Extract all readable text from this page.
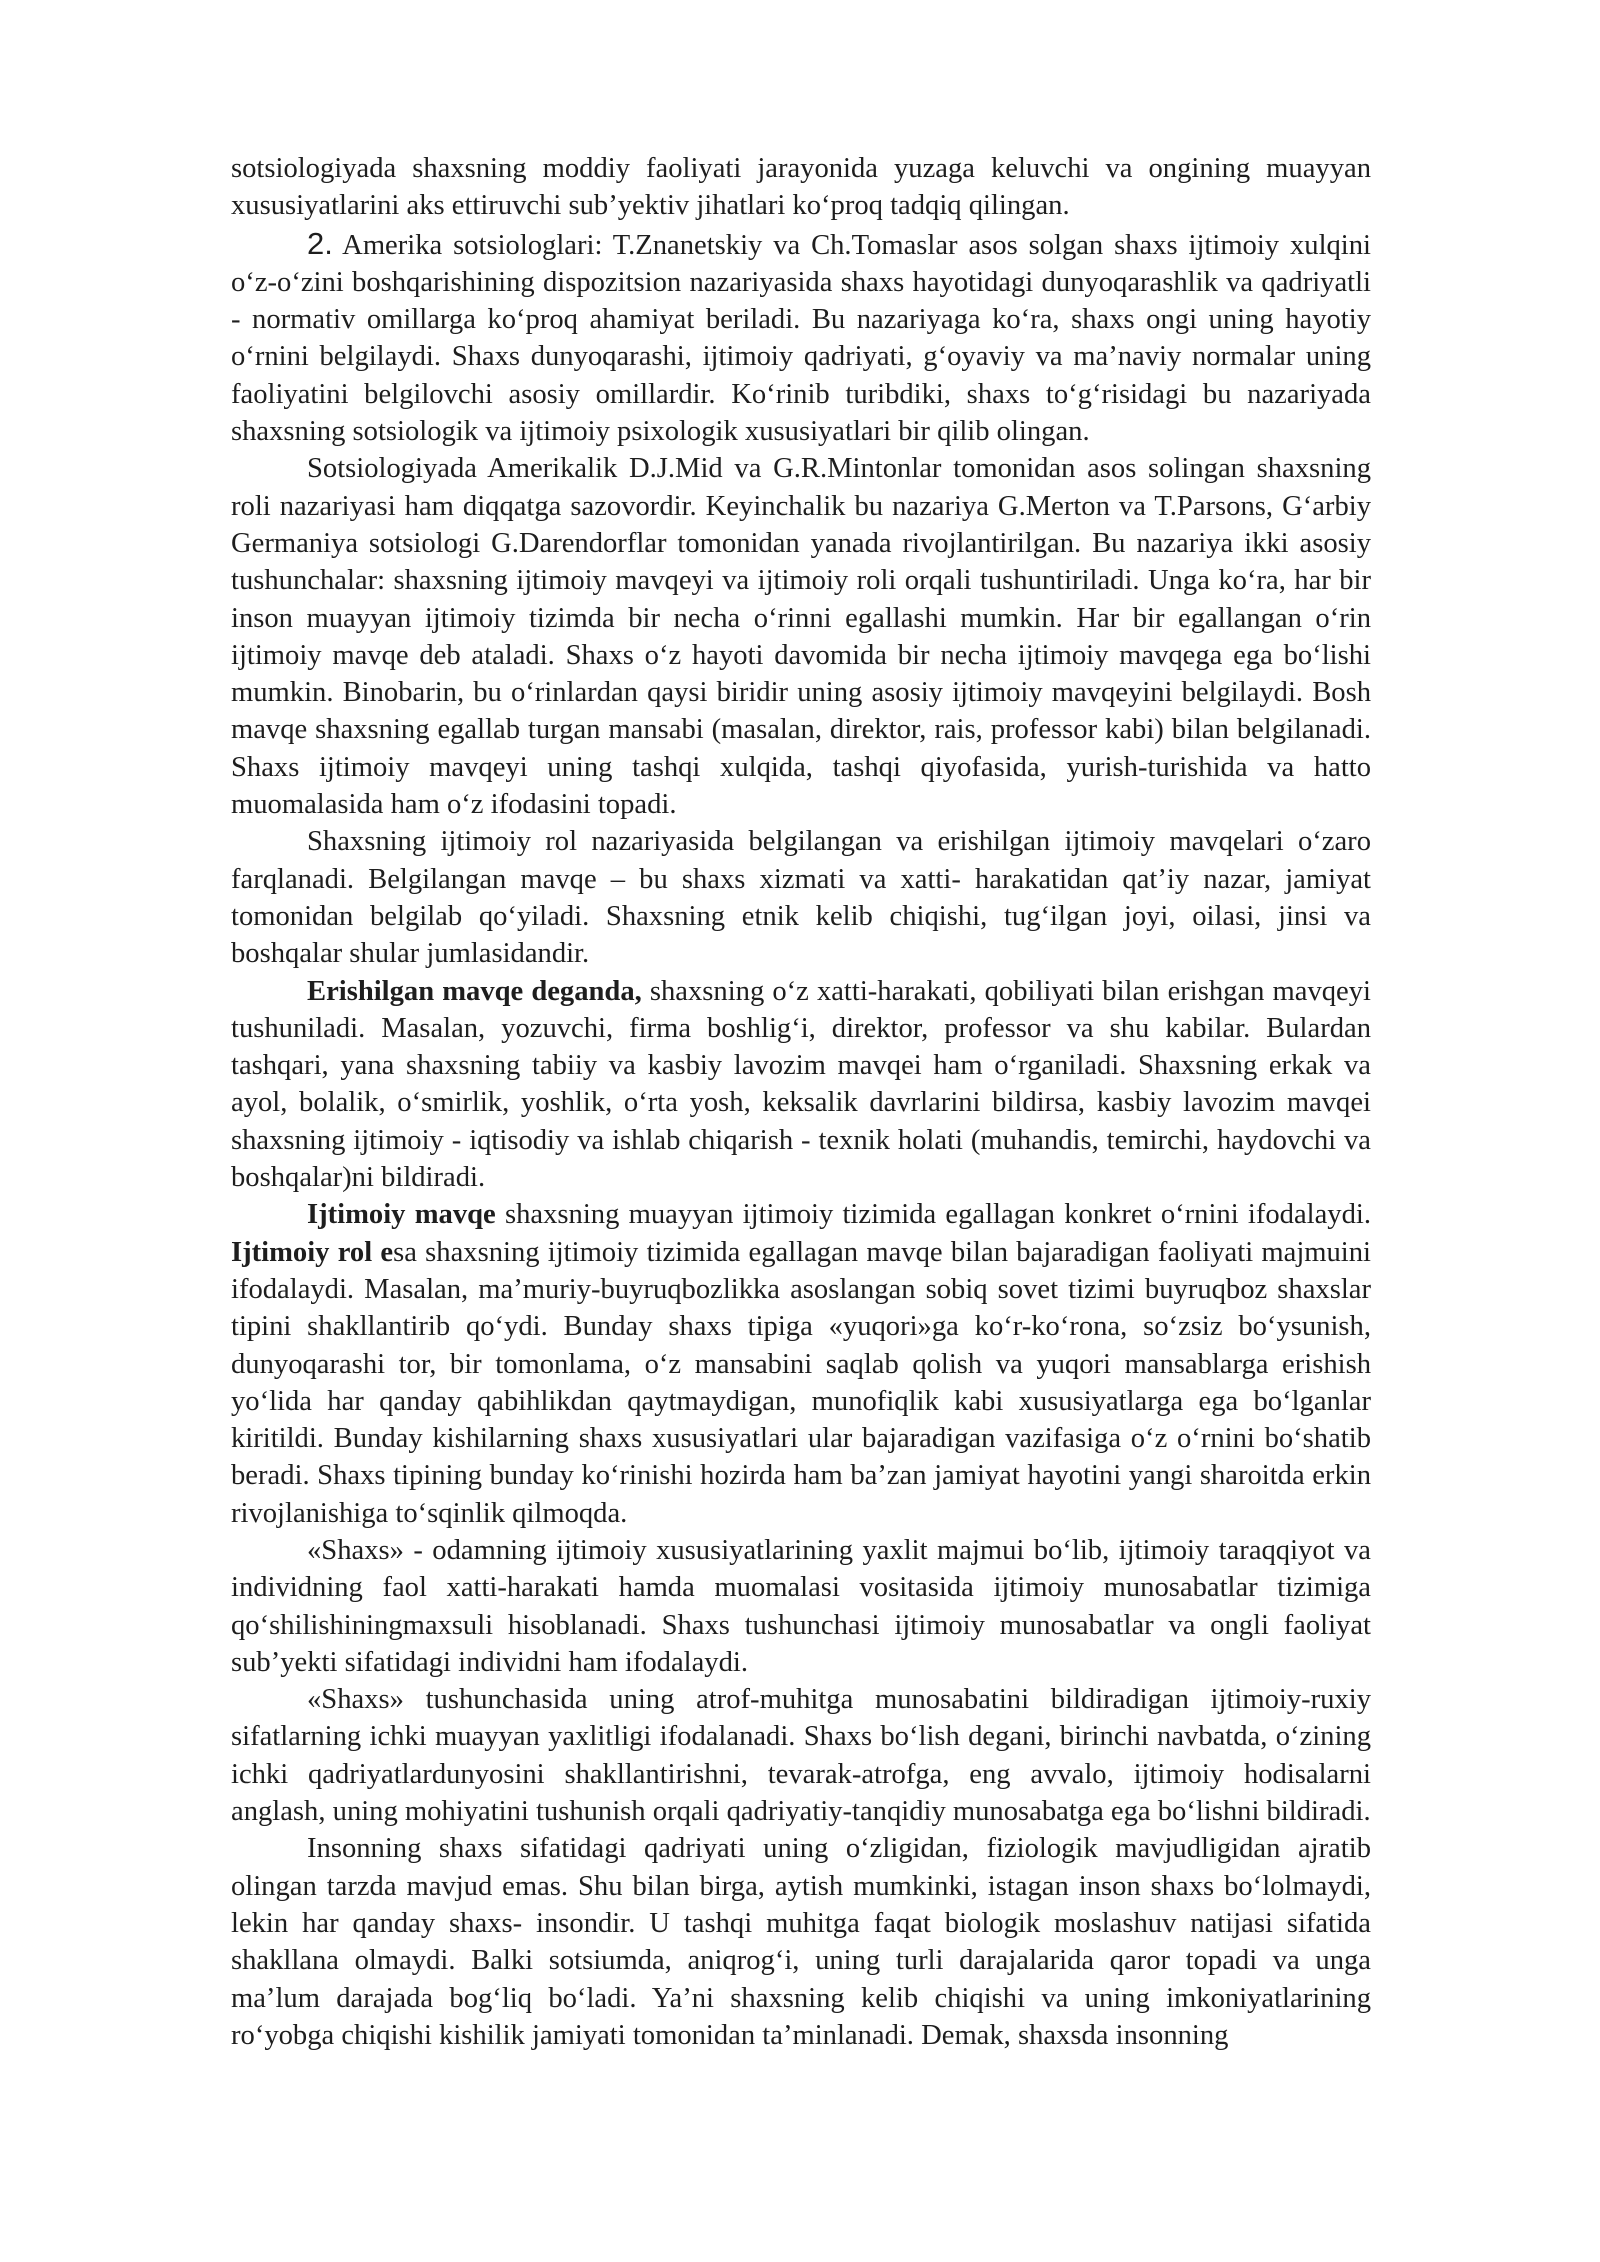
sotsiologiyada shaxsning moddiy faoliyati jarayonida yuzaga keluvchi va ongining muayyan xususiyatlarini aks ettiruvchi sub’yektiv jihatlari ko‘proq tadqiq qilingan.

2. Amerika sotsiologlari: T.Znanetskiy va Ch.Tomaslar asos solgan shaxs ijtimoiy xulqini o‘z-o‘zini boshqarishining dispozitsion nazariyasida shaxs hayotidagi dunyoqarashlik va qadriyatli - normativ omillarga ko‘proq ahamiyat beriladi. Bu nazariyaga ko‘ra, shaxs ongi uning hayotiy o‘rnini belgilaydi. Shaxs dunyoqarashi, ijtimoiy qadriyati, g‘oyaviy va ma’naviy normalar uning faoliyatini belgilovchi asosiy omillardir. Ko‘rinib turibdiki, shaxs to‘g‘risidagi bu nazariyada shaxsning sotsiologik va ijtimoiy psixologik xususiyatlari bir qilib olingan.

Sotsiologiyada Amerikalik D.J.Mid va G.R.Mintonlar tomonidan asos solingan shaxsning roli nazariyasi ham diqqatga sazovordir. Keyinchalik bu nazariya G.Merton va T.Parsons, G‘arbiy Germaniya sotsiologi G.Darendorflar tomonidan yanada rivojlantirilgan. Bu nazariya ikki asosiy tushunchalar: shaxsning ijtimoiy mavqeyi va ijtimoiy roli orqali tushuntiriladi. Unga ko‘ra, har bir inson muayyan ijtimoiy tizimda bir necha o‘rinni egallashi mumkin. Har bir egallangan o‘rin ijtimoiy mavqe deb ataladi. Shaxs o‘z hayoti davomida bir necha ijtimoiy mavqega ega bo‘lishi mumkin. Binobarin, bu o‘rinlardan qaysi biridir uning asosiy ijtimoiy mavqeyini belgilaydi. Bosh mavqe shaxsning egallab turgan mansabi (masalan, direktor, rais, professor kabi) bilan belgilanadi. Shaxs ijtimoiy mavqeyi uning tashqi xulqida, tashqi qiyofasida, yurish-turishida va hatto muomalasida ham o‘z ifodasini topadi.

Shaxsning ijtimoiy rol nazariyasida belgilangan va erishilgan ijtimoiy mavqelari o‘zaro farqlanadi. Belgilangan mavqe – bu shaxs xizmati va xatti- harakatidan qat’iy nazar, jamiyat tomonidan belgilab qo‘yiladi. Shaxsning etnik kelib chiqishi, tug‘ilgan joyi, oilasi, jinsi va boshqalar shular jumlasidandir.

Erishilgan mavqe deganda, shaxsning o‘z xatti-harakati, qobiliyati bilan erishgan mavqeyi tushuniladi. Masalan, yozuvchi, firma boshlig‘i, direktor, professor va shu kabilar. Bulardan tashqari, yana shaxsning tabiiy va kasbiy lavozim mavqei ham o‘rganiladi. Shaxsning erkak va ayol, bolalik, o‘smirlik, yoshlik, o‘rta yosh, keksalik davrlarini bildirsa, kasbiy lavozim mavqei shaxsning ijtimoiy - iqtisodiy va ishlab chiqarish - texnik holati (muhandis, temirchi, haydovchi va boshqalar)ni bildiradi.

Ijtimoiy mavqe shaxsning muayyan ijtimoiy tizimida egallagan konkret o‘rnini ifodalaydi. Ijtimoiy rol esa shaxsning ijtimoiy tizimida egallagan mavqe bilan bajaradigan faoliyati majmuini ifodalaydi. Masalan, ma’muriy-buyruqbozlikka asoslangan sobiq sovet tizimi buyruqboz shaxslar tipini shakllantirib qo‘ydi. Bunday shaxs tipiga «yuqori»ga ko‘r-ko‘rona, so‘zsiz bo‘ysunish, dunyoqarashi tor, bir tomonlama, o‘z mansabini saqlab qolish va yuqori mansablarga erishish yo‘lida har qanday qabihlikdan qaytmaydigan, munofiqlik kabi xususiyatlarga ega bo‘lganlar kiritildi. Bunday kishilarning shaxs xususiyatlari ular bajaradigan vazifasiga o‘z o‘rnini bo‘shatib beradi. Shaxs tipining bunday ko‘rinishi hozirda ham ba’zan jamiyat hayotini yangi sharoitda erkin rivojlanishiga to‘sqinlik qilmoqda.

«Shaxs» - odamning ijtimoiy xususiyatlarining yaxlit majmui bo‘lib, ijtimoiy taraqqiyot va individning faol xatti-harakati hamda muomalasi vositasida ijtimoiy munosabatlar tizimiga qo‘shilishiningmaxsuli hisoblanadi. Shaxs tushunchasi ijtimoiy munosabatlar va ongli faoliyat sub’yekti sifatidagi individni ham ifodalaydi.

«Shaxs» tushunchasida uning atrof-muhitga munosabatini bildiradigan ijtimoiy-ruxiy sifatlarning ichki muayyan yaxlitligi ifodalanadi. Shaxs bo‘lish degani, birinchi navbatda, o‘zining ichki qadriyatlardunyosini shakllantirishni, tevarak-atrofga, eng avvalo, ijtimoiy hodisalarni anglash, uning mohiyatini tushunish orqali qadriyatiy-tanqidiy munosabatga ega bo‘lishni bildiradi.

Insonning shaxs sifatidagi qadriyati uning o‘zligidan, fiziologik mavjudligidan ajratib olingan tarzda mavjud emas. Shu bilan birga, aytish mumkinki, istagan inson shaxs bo‘lolmaydi, lekin har qanday shaxs- insondir. U tashqi muhitga faqat biologik moslashuv natijasi sifatida shakllana olmaydi. Balki sotsiumda, aniqrog‘i, uning turli darajalarida qaror topadi va unga ma’lum darajada bog‘liq bo‘ladi. Ya’ni shaxsning kelib chiqishi va uning imkoniyatlarining ro‘yobga chiqishi kishilik jamiyati tomonidan ta’minlanadi. Demak, shaxsda insonning
